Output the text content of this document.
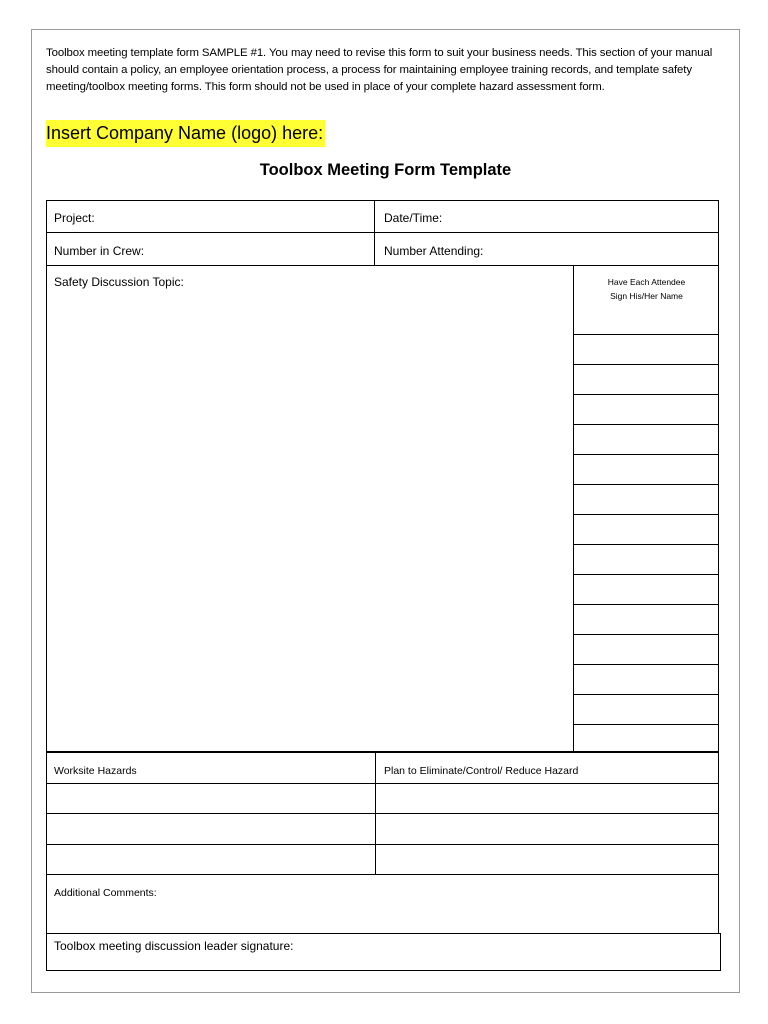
Toolbox meeting template form SAMPLE #1. You may need to revise this form to suit your business needs. This section of your manual should contain a policy, an employee orientation process, a process for maintaining employee training records, and template safety meeting/toolbox meeting forms. This form should not be used in place of your complete hazard assessment form.
Insert Company Name (logo) here:
Toolbox Meeting Form Template
Project:	Date/Time:
Number in Crew:	Number Attending:
Safety Discussion Topic:	Have Each Attendee
Sign His/Her Name
Worksite Hazards	Plan to Eliminate/Control/ Reduce Hazard
Additional Comments:
Toolbox meeting discussion leader signature:
